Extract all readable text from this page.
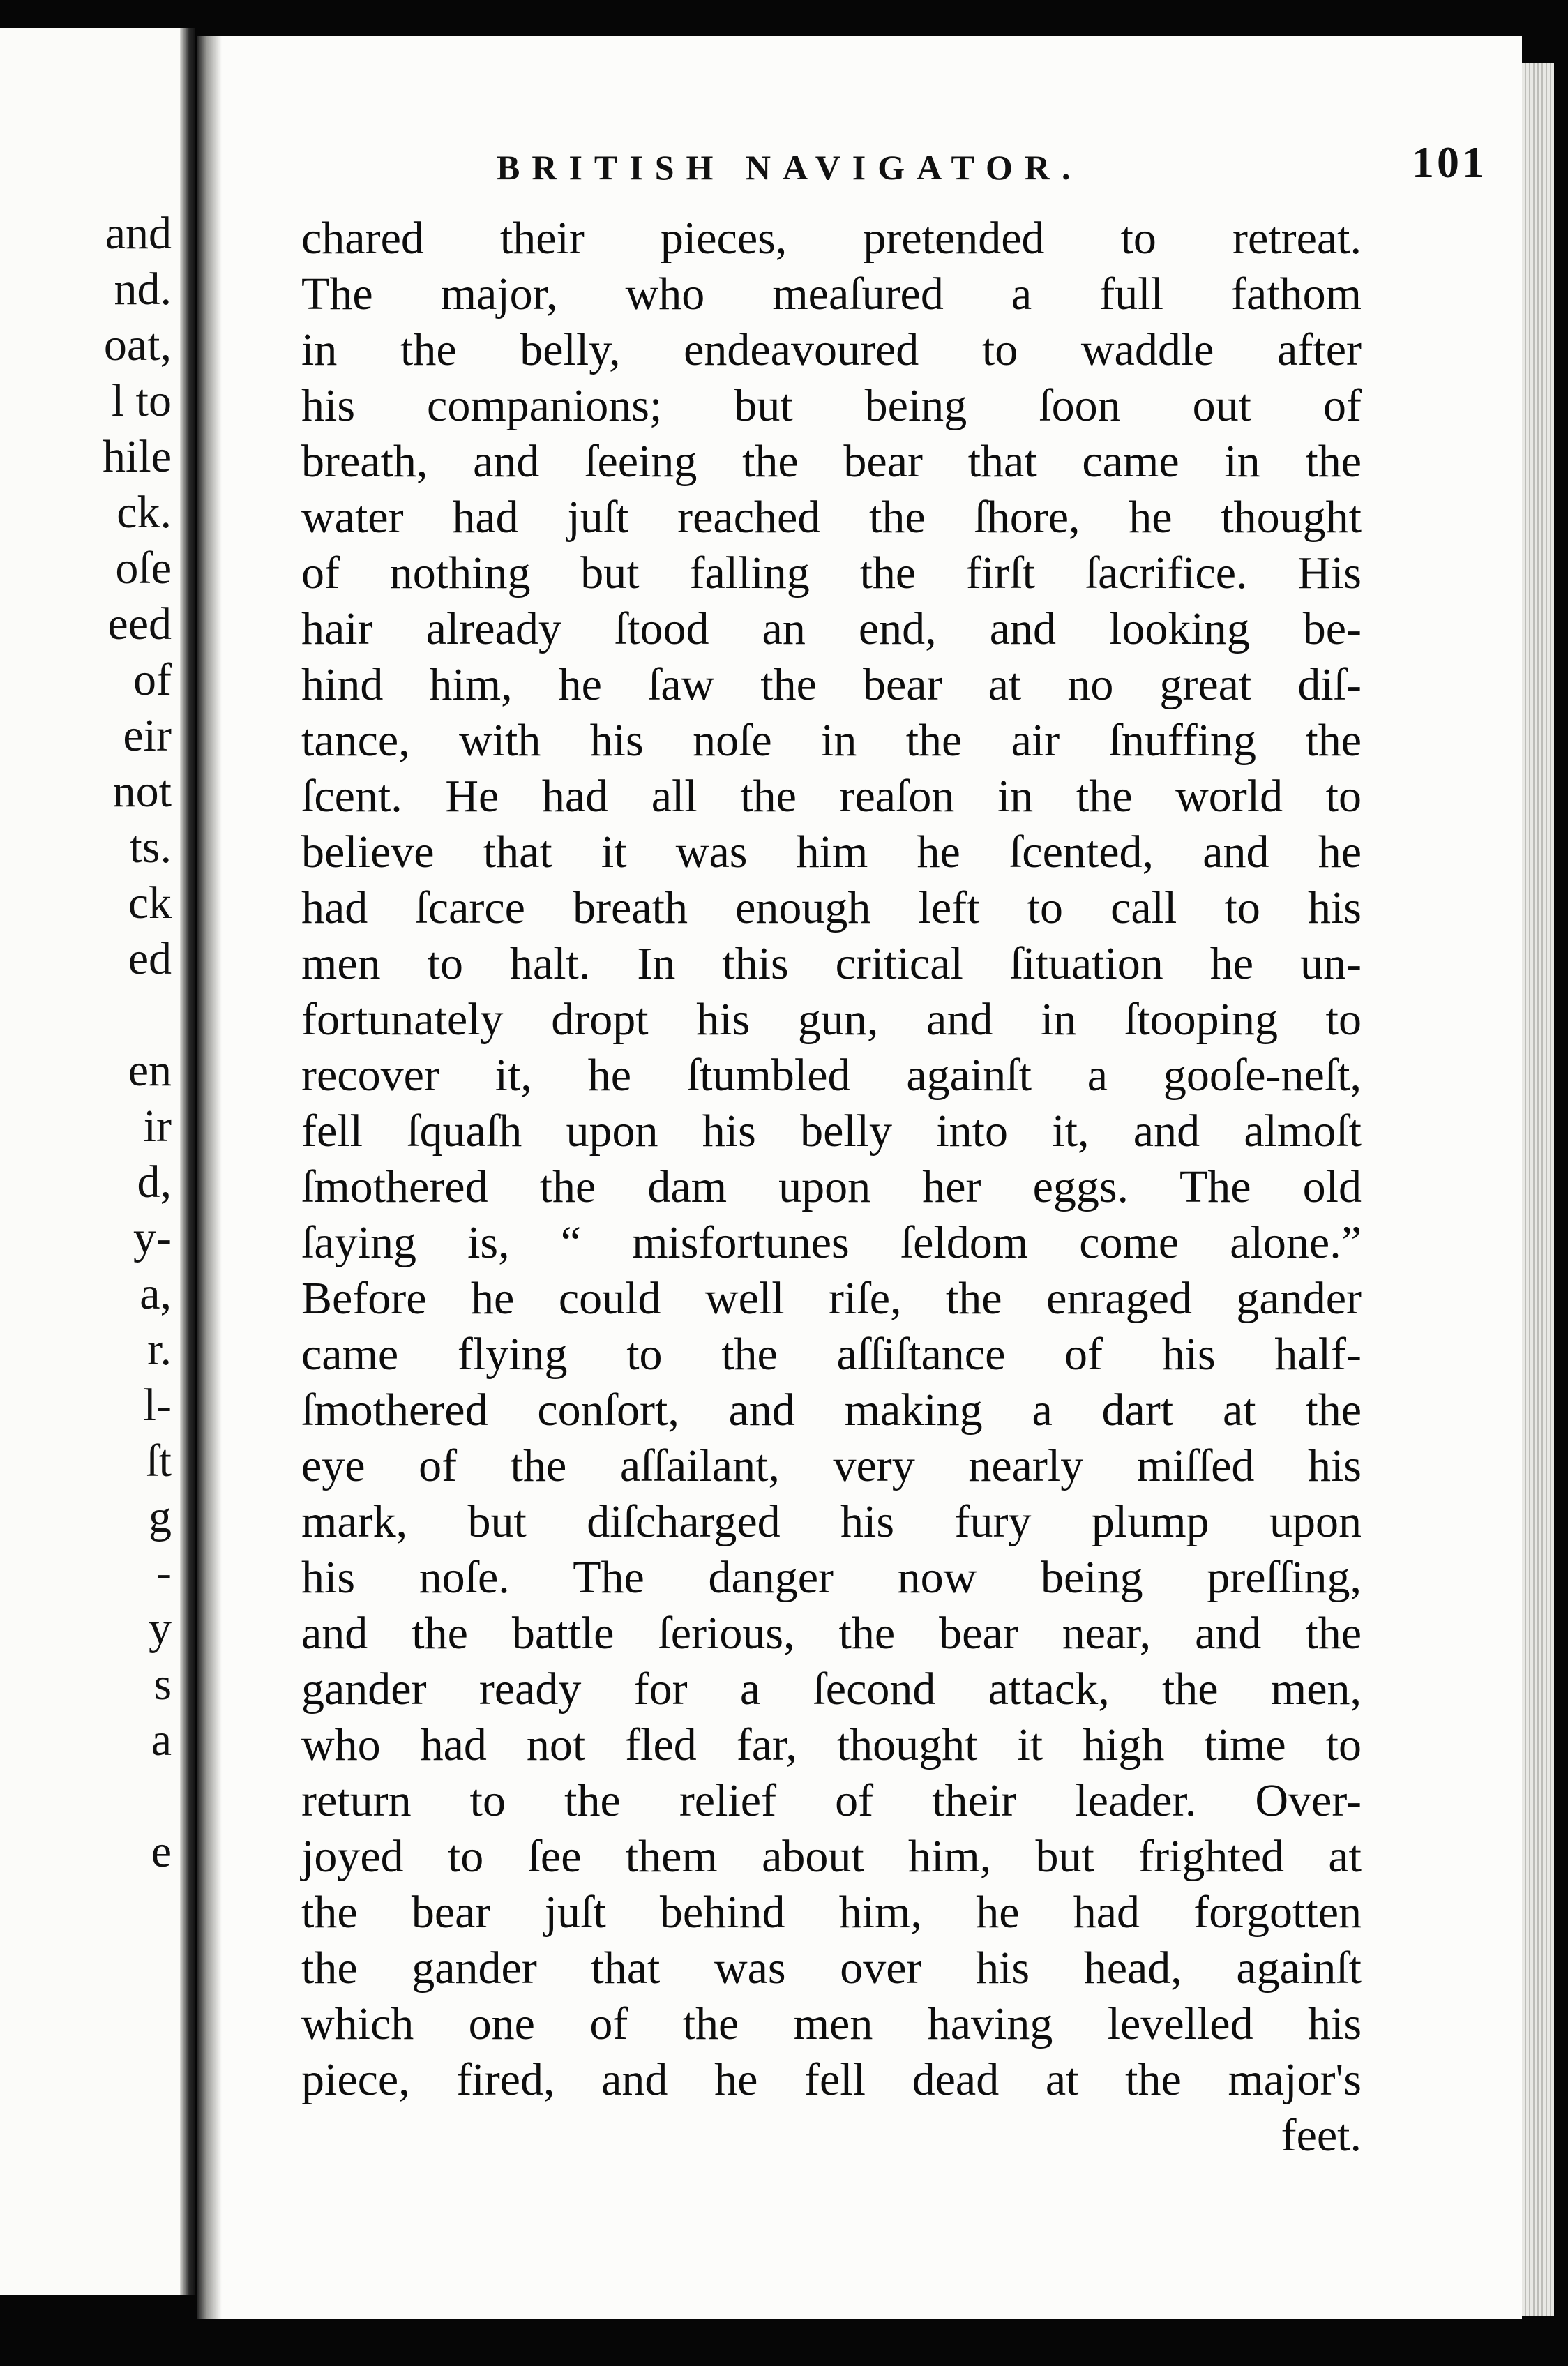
and
nd.
oat,
l to
hile
ck.
oſe
eed
of
eir
not
ts.
ck
ed
en
ir
d,
y-
a,
r.
l-
ſt
g
-
y
s
a
e
BRITISH NAVIGATOR.	101
chared their pieces, pretended to retreat.
The major, who meaſured a full fathom
in the belly, endeavoured to waddle after
his companions; but being ſoon out of
breath, and ſeeing the bear that came in the
water had juſt reached the ſhore, he thought
of nothing but falling the firſt ſacrifice. His
hair already ſtood an end, and looking be-
hind him, he ſaw the bear at no great diſ-
tance, with his noſe in the air ſnuffing the
ſcent. He had all the reaſon in the world to
believe that it was him he ſcented, and he
had ſcarce breath enough left to call to his
men to halt. In this critical ſituation he un-
fortunately dropt his gun, and in ſtooping to
recover it, he ſtumbled againſt a gooſe-neſt,
fell ſquaſh upon his belly into it, and almoſt
ſmothered the dam upon her eggs. The old
ſaying is, “ misfortunes ſeldom come alone.”
Before he could well riſe, the enraged gander
came flying to the aſſiſtance of his half-
ſmothered conſort, and making a dart at the
eye of the aſſailant, very nearly miſſed his
mark, but diſcharged his fury plump upon
his noſe. The danger now being preſſing,
and the battle ſerious, the bear near, and the
gander ready for a ſecond attack, the men,
who had not fled far, thought it high time to
return to the relief of their leader. Over-
joyed to ſee them about him, but frighted at
the bear juſt behind him, he had forgotten
the gander that was over his head, againſt
which one of the men having levelled his
piece, fired, and he fell dead at the major's
feet.
